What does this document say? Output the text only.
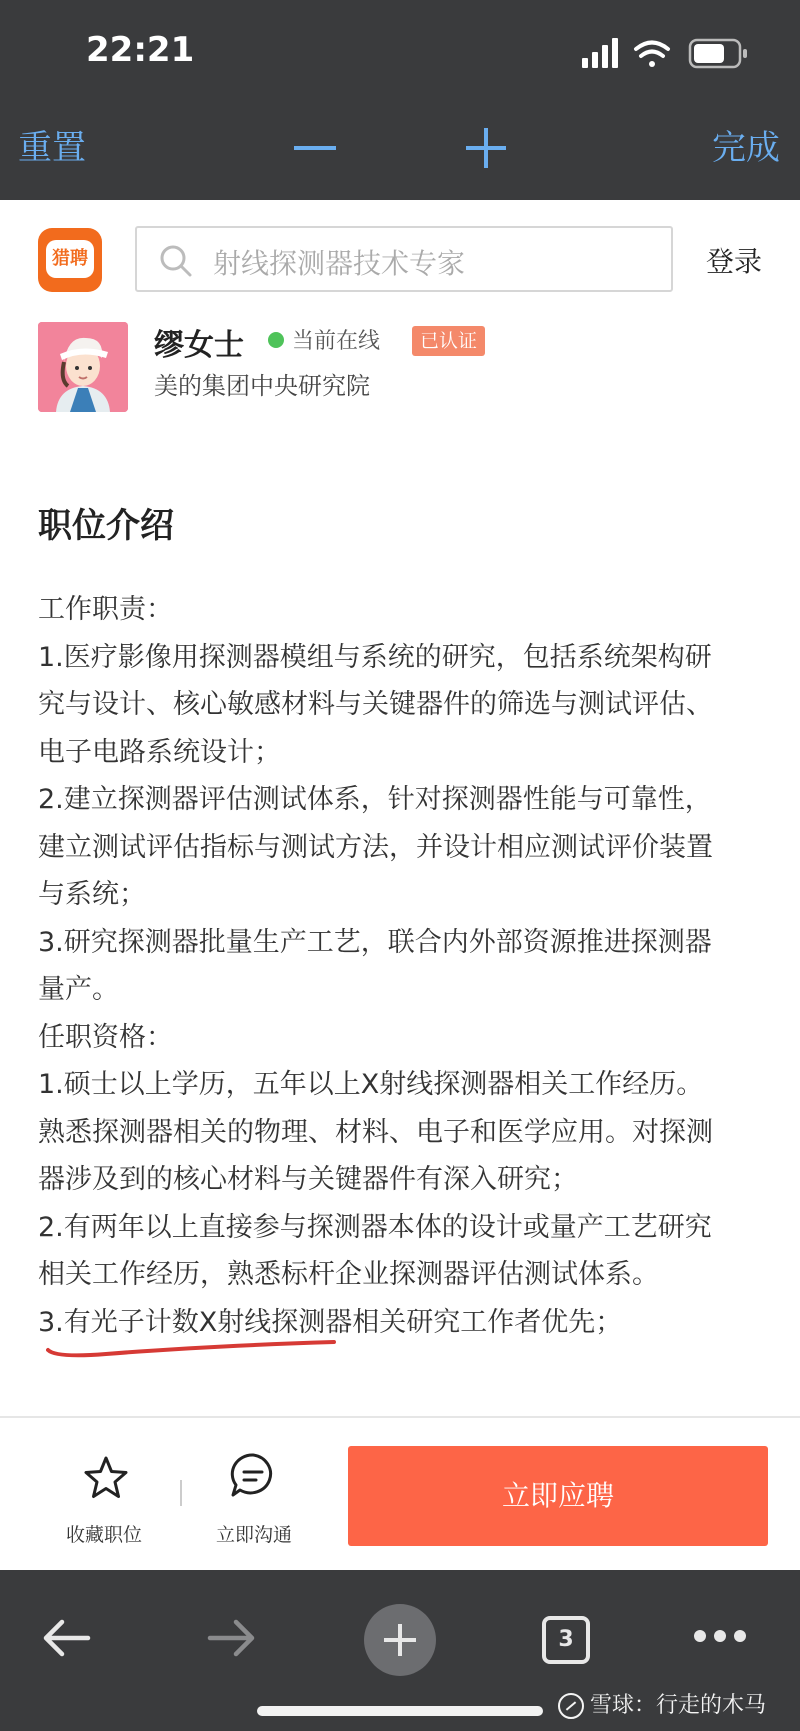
22:21
重置	完成
猎聘	射线探测器技术专家	登录
缪女士 当前在线	已认证
美的集团中央研究院
职位介绍
工作职责：
1.医疗影像用探测器模组与系统的研究，包括系统架构研
究与设计、核心敏感材料与关键器件的筛选与测试评估、
电子电路系统设计；
2.建立探测器评估测试体系，针对探测器性能与可靠性，
建立测试评估指标与测试方法，并设计相应测试评价装置
与系统；
3.研究探测器批量生产工艺，联合内外部资源推进探测器
量产。
任职资格：
1.硕士以上学历，五年以上X射线探测器相关工作经历。
熟悉探测器相关的物理、材料、电子和医学应用。对探测
器涉及到的核心材料与关键器件有深入研究；
2.有两年以上直接参与探测器本体的设计或量产工艺研究
相关工作经历，熟悉标杆企业探测器评估测试体系。
3.有光子计数X射线探测器相关研究工作者优先；
收藏职位	立即沟通
立即应聘
3
雪球：行走的木马
